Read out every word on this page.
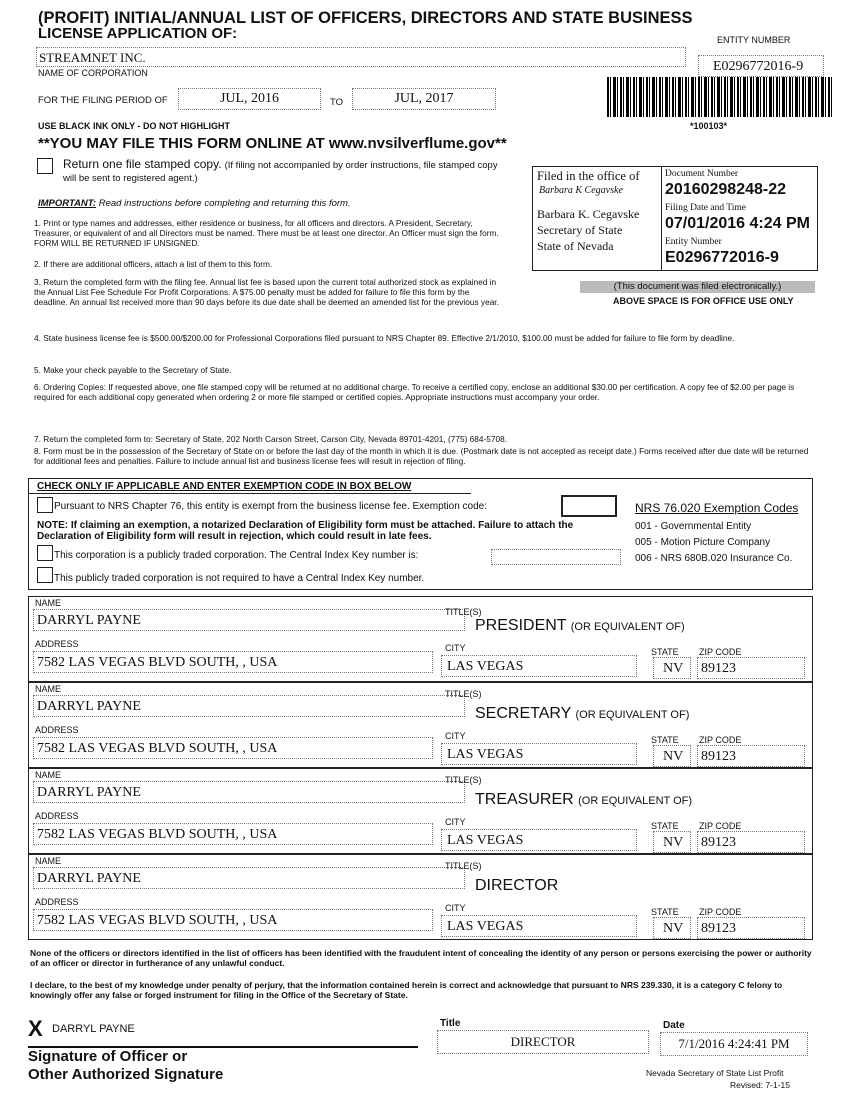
(PROFIT) INITIAL/ANNUAL LIST OF OFFICERS, DIRECTORS AND STATE BUSINESS
LICENSE APPLICATION OF:	ENTITY NUMBER
STREAMNET INC.
NAME OF CORPORATION	E0296772016-9
FOR THE FILING PERIOD OF	JUL, 2016	TO	JUL, 2017
*100103*
USE BLACK INK ONLY - DO NOT HIGHLIGHT
**YOU MAY FILE THIS FORM ONLINE AT www.nvsilverflume.gov**
Return one file stamped copy. (If filing not accompanied by order instructions, file stamped copy will be sent to registered agent.)
IMPORTANT: Read instructions before completing and returning this form.
Filed in the office of
Barbara K Cegavske
Barbara K. Cegavske
Secretary of State
State of Nevada
Document Number
20160298248-22
Filing Date and Time
07/01/2016 4:24 PM
Entity Number
E0296772016-9
(This document was filed electronically.)
ABOVE SPACE IS FOR OFFICE USE ONLY
1. Print or type names and addresses, either residence or business, for all officers and directors. A President, Secretary, Treasurer, or equivalent of and all Directors must be named. There must be at least one director. An Officer must sign the form. FORM WILL BE RETURNED IF UNSIGNED.
2. If there are additional officers, attach a list of them to this form.
3. Return the completed form with the filing fee. Annual list fee is based upon the current total authorized stock as explained in the Annual List Fee Schedule For Profit Corporations. A $75.00 penalty must be added for failure to file this form by the deadline. An annual list received more than 90 days before its due date shall be deemed an amended list for the previous year.
4. State business license fee is $500.00/$200.00 for Professional Corporations filed pursuant to NRS Chapter 89. Effective 2/1/2010, $100.00 must be added for failure to file form by deadline.
5. Make your check payable to the Secretary of State.
6. Ordering Copies: If requested above, one file stamped copy will be returned at no additional charge. To receive a certified copy, enclose an additional $30.00 per certification. A copy fee of $2.00 per page is required for each additional copy generated when ordering 2 or more file stamped or certified copies. Appropriate instructions must accompany your order.
7. Return the completed form to: Secretary of State, 202 North Carson Street, Carson City, Nevada 89701-4201, (775) 684-5708.
8. Form must be in the possession of the Secretary of State on or before the last day of the month in which it is due. (Postmark date is not accepted as receipt date.) Forms received after due date will be returned for additional fees and penalties. Failure to include annual list and business license fees will result in rejection of filing.
CHECK ONLY IF APPLICABLE AND ENTER EXEMPTION CODE IN BOX BELOW
Pursuant to NRS Chapter 76, this entity is exempt from the business license fee. Exemption code:
NOTE: If claiming an exemption, a notarized Declaration of Eligibility form must be attached. Failure to attach the Declaration of Eligibility form will result in rejection, which could result in late fees.
This corporation is a publicly traded corporation. The Central Index Key number is:
This publicly traded corporation is not required to have a Central Index Key number.
NRS 76.020 Exemption Codes
001 - Governmental Entity
005 - Motion Picture Company
006 - NRS 680B.020 Insurance Co.
NAME
DARRYL PAYNE
TITLE(S)
PRESIDENT (OR EQUIVALENT OF)
ADDRESS
7582 LAS VEGAS BLVD SOUTH, , USA
CITY
LAS VEGAS
STATE
NV
ZIP CODE
89123
NAME
DARRYL PAYNE
TITLE(S)
SECRETARY (OR EQUIVALENT OF)
ADDRESS
7582 LAS VEGAS BLVD SOUTH, , USA
CITY
LAS VEGAS
STATE
NV
ZIP CODE
89123
NAME
DARRYL PAYNE
TITLE(S)
TREASURER (OR EQUIVALENT OF)
ADDRESS
7582 LAS VEGAS BLVD SOUTH, , USA
CITY
LAS VEGAS
STATE
NV
ZIP CODE
89123
NAME
DARRYL PAYNE
TITLE(S)
DIRECTOR
ADDRESS
7582 LAS VEGAS BLVD SOUTH, , USA
CITY
LAS VEGAS
STATE
NV
ZIP CODE
89123
None of the officers or directors identified in the list of officers has been identified with the fraudulent intent of concealing the identity of any person or persons exercising the power or authority of an officer or director in furtherance of any unlawful conduct.
I declare, to the best of my knowledge under penalty of perjury, that the information contained herein is correct and acknowledge that pursuant to NRS 239.330, it is a category C felony to knowingly offer any false or forged instrument for filing in the Office of the Secretary of State.
X DARRYL PAYNE
Signature of Officer or
Other Authorized Signature
Title
DIRECTOR
Date
7/1/2016 4:24:41 PM
Nevada Secretary of State List Profit
Revised: 7-1-15
